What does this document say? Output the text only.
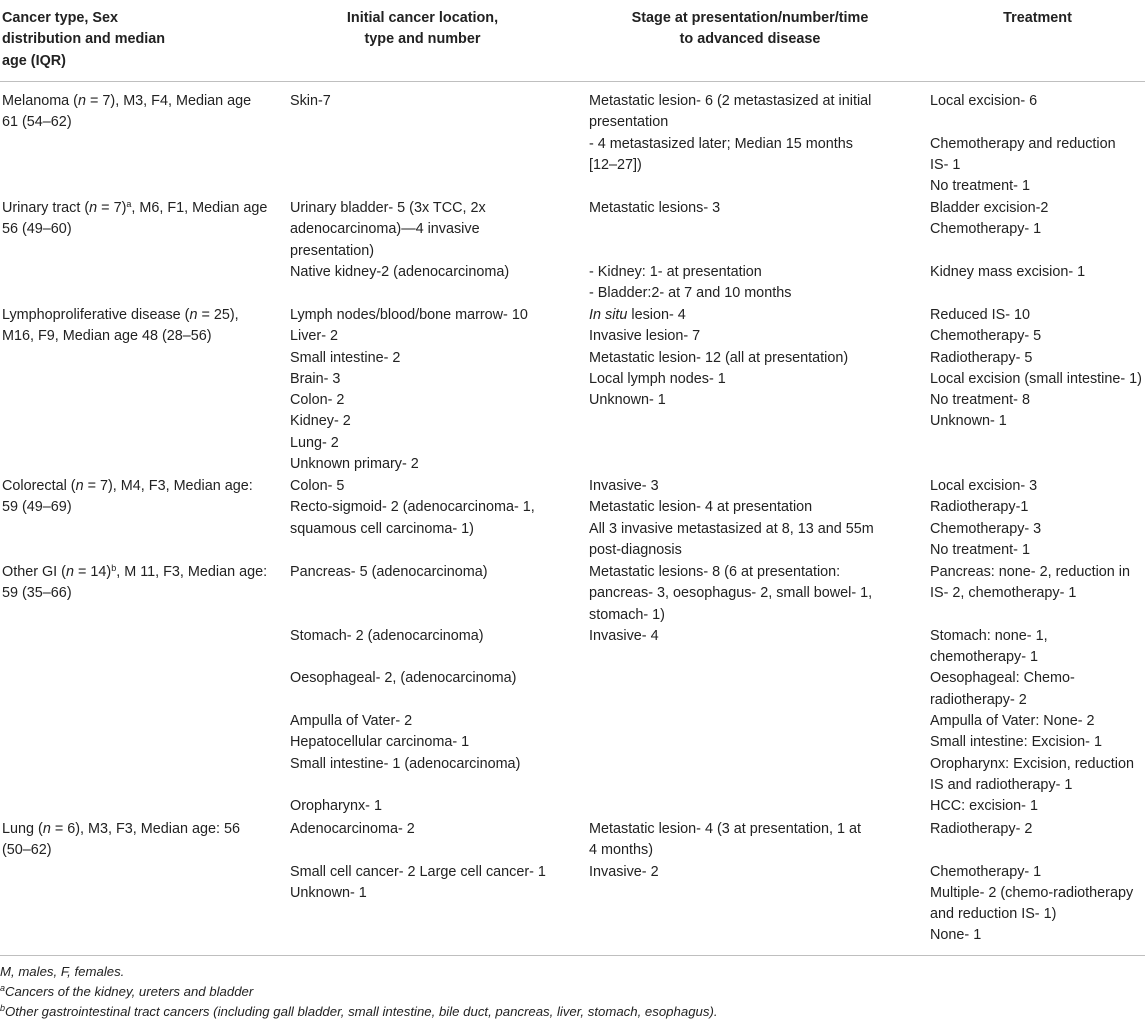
Cancer type, Sex
distribution and median
age (IQR)
Initial cancer location,
type and number
Stage at presentation/number/time
to advanced disease
Treatment
Melanoma (n = 7), M3, F4, Median age
61 (54–62)
Skin-7	Metastatic lesion- 6 (2 metastasized at initial
presentation
- 4 metastasized later; Median 15 months
[12–27])
Local excision- 6

Chemotherapy and reduction
IS- 1
No treatment- 1
Urinary tract (n = 7)$^a$, M6, F1, Median age
56 (49–60)
Urinary bladder- 5 (3x TCC, 2x
adenocarcinoma)—4 invasive
presentation)
Native kidney-2 (adenocarcinoma)
Metastatic lesions- 3

- Kidney: 1- at presentation
- Bladder:2- at 7 and 10 months
Bladder excision-2
Chemotherapy- 1

Kidney mass excision- 1
Lymphoproliferative disease (n = 25),
M16, F9, Median age 48 (28–56)
Lymph nodes/blood/bone marrow- 10
Liver- 2
Small intestine- 2
Brain- 3
Colon- 2
Kidney- 2
Lung- 2
Unknown primary- 2
In situ lesion- 4
Invasive lesion- 7
Metastatic lesion- 12 (all at presentation)
Local lymph nodes- 1
Unknown- 1
Reduced IS- 10
Chemotherapy- 5
Radiotherapy- 5
Local excision (small intestine- 1)
No treatment- 8
Unknown- 1
Colorectal (n = 7), M4, F3, Median age:
59 (49–69)
Colon- 5
Recto-sigmoid- 2 (adenocarcinoma- 1,
squamous cell carcinoma- 1)
Invasive- 3
Metastatic lesion- 4 at presentation
All 3 invasive metastasized at 8, 13 and 55m
post-diagnosis
Local excision- 3
Radiotherapy-1
Chemotherapy- 3
No treatment- 1
Other GI (n = 14)$^b$, M 11, F3, Median age:
59 (35–66)
Pancreas- 5 (adenocarcinoma)

Stomach- 2 (adenocarcinoma)

Oesophageal- 2, (adenocarcinoma)

Ampulla of Vater- 2
Hepatocellular carcinoma- 1
Small intestine- 1 (adenocarcinoma)

Oropharynx- 1
Metastatic lesions- 8 (6 at presentation:
pancreas- 3, oesophagus- 2, small bowel- 1,
stomach- 1)
Invasive- 4
Pancreas: none- 2, reduction in
IS- 2, chemotherapy- 1

Stomach: none- 1,
chemotherapy- 1
Oesophageal: Chemo-
radiotherapy- 2
Ampulla of Vater: None- 2
Small intestine: Excision- 1
Oropharynx: Excision, reduction
IS and radiotherapy- 1
HCC: excision- 1
Lung (n = 6), M3, F3, Median age: 56
(50–62)
Adenocarcinoma- 2

Small cell cancer- 2 Large cell cancer- 1
Unknown- 1
Metastatic lesion- 4 (3 at presentation, 1 at
4 months)
Invasive- 2
Radiotherapy- 2

Chemotherapy- 1
Multiple- 2 (chemo-radiotherapy
and reduction IS- 1)
None- 1
M, males, F, females.
$^a$Cancers of the kidney, ureters and bladder
$^b$Other gastrointestinal tract cancers (including gall bladder, small intestine, bile duct, pancreas, liver, stomach, esophagus).
